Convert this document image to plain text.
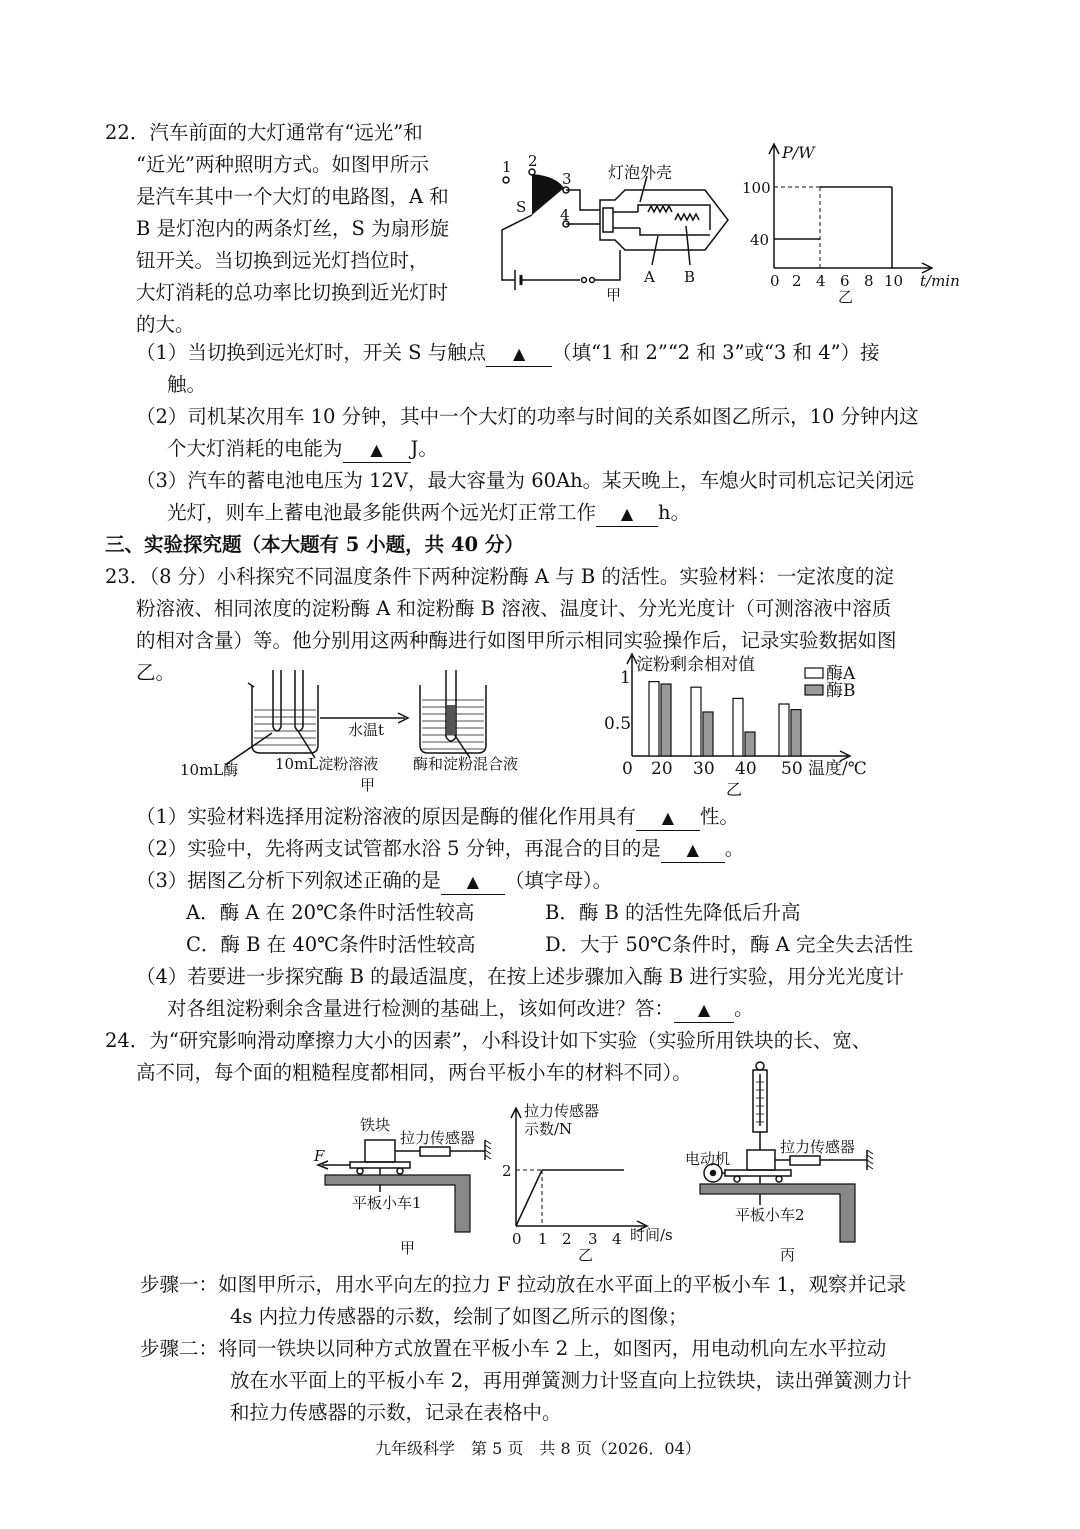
22．汽车前面的大灯通常有“远光”和
“近光”两种照明方式。如图甲所示
是汽车其中一个大灯的电路图，A 和
B 是灯泡内的两条灯丝，S 为扇形旋
钮开关。当切换到远光灯挡位时，
大灯消耗的总功率比切换到近光灯时
的大。
1 2
3
4
S
灯泡外壳
A B
甲
P/W
100
40
0 2 4 6 8 10 t/min
乙
（1）当切换到远光灯时，开关 S 与触点 ▲ （填“1 和 2”“2 和 3”或“3 和 4”）接
触。
（2）司机某次用车 10 分钟，其中一个大灯的功率与时间的关系如图乙所示，10 分钟内这
个大灯消耗的电能为 ▲ J。
（3）汽车的蓄电池电压为 12V，最大容量为 60Ah。某天晚上，车熄火时司机忘记关闭远
光灯，则车上蓄电池最多能供两个远光灯正常工作 ▲ h。
三、实验探究题（本大题有 5 小题，共 40 分）
23．（8 分）小科探究不同温度条件下两种淀粉酶 A 与 B 的活性。实验材料：一定浓度的淀
粉溶液、相同浓度的淀粉酶 A 和淀粉酶 B 溶液、温度计、分光光度计（可测溶液中溶质
的相对含量）等。他分别用这两种酶进行如图甲所示相同实验操作后，记录实验数据如图
乙。
10mL酶 10mL淀粉溶液
水温t
酶和淀粉混合液
甲
淀粉剩余相对值
1
0.5
0	温度/℃
酶A
酶B
20 30 40 50
乙
（1）实验材料选择用淀粉溶液的原因是酶的催化作用具有 ▲ 性。
（2）实验中，先将两支试管都水浴 5 分钟，再混合的目的是 ▲ 。
（3）据图乙分析下列叙述正确的是 ▲ （填字母）。
A．酶 A 在 20℃条件时活性较高	B．酶 B 的活性先降低后升高
C．酶 B 在 40℃条件时活性较高	D．大于 50℃条件时，酶 A 完全失去活性
（4）若要进一步探究酶 B 的最适温度，在按上述步骤加入酶 B 进行实验，用分光光度计
对各组淀粉剩余含量进行检测的基础上，该如何改进？答： ▲ 。
24．为“研究影响滑动摩擦力大小的因素”，小科设计如下实验（实验所用铁块的长、宽、
高不同，每个面的粗糙程度都相同，两台平板小车的材料不同）。
铁块
拉力传感器
F
平板小车1
甲
拉力传感器
示数/N
2
0 1 2 3 4 时间/s
乙
电动机
拉力传感器
平板小车2
丙
步骤一：如图甲所示，用水平向左的拉力 F 拉动放在水平面上的平板小车 1，观察并记录
4s 内拉力传感器的示数，绘制了如图乙所示的图像；
步骤二：将同一铁块以同种方式放置在平板小车 2 上，如图丙，用电动机向左水平拉动
放在水平面上的平板小车 2，再用弹簧测力计竖直向上拉铁块，读出弹簧测力计
和拉力传感器的示数，记录在表格中。
九年级科学　第 5 页　共 8 页（2026．04）
